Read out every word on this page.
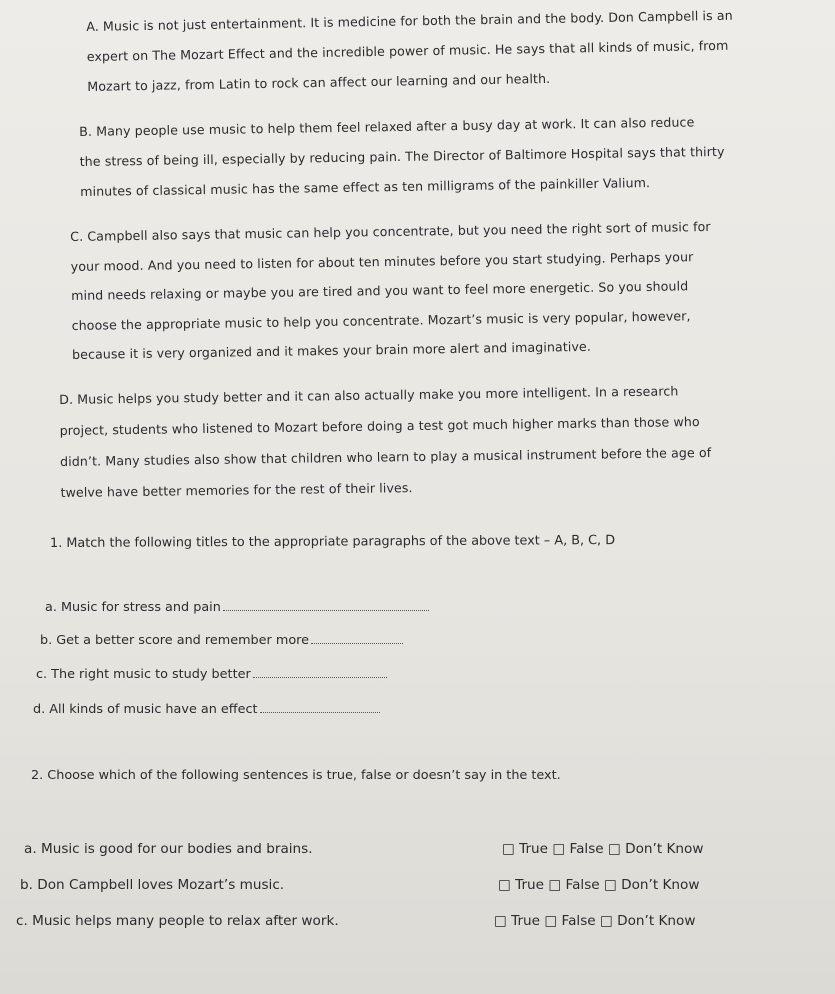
A. Music is not just entertainment. It is medicine for both the brain and the body. Don Campbell is an

expert on The Mozart Effect and the incredible power of music. He says that all kinds of music, from

Mozart to jazz, from Latin to rock can affect our learning and our health.

B. Many people use music to help them feel relaxed after a busy day at work. It can also reduce

the stress of being ill, especially by reducing pain. The Director of Baltimore Hospital says that thirty

minutes of classical music has the same effect as ten milligrams of the painkiller Valium.

C. Campbell also says that music can help you concentrate, but you need the right sort of music for

your mood. And you need to listen for about ten minutes before you start studying. Perhaps your

mind needs relaxing or maybe you are tired and you want to feel more energetic. So you should

choose the appropriate music to help you concentrate. Mozart’s music is very popular, however,

because it is very organized and it makes your brain more alert and imaginative.

D. Music helps you study better and it can also actually make you more intelligent. In a research

project, students who listened to Mozart before doing a test got much higher marks than those who

didn’t. Many studies also show that children who learn to play a musical instrument before the age of

twelve have better memories for the rest of their lives.

1. Match the following titles to the appropriate paragraphs of the above text – A, B, C, D
a. Music for stress and pain
b. Get a better score and remember more
c. The right music to study better
d. All kinds of music have an effect
2. Choose which of the following sentences is true, false or doesn’t say in the text.
a. Music is good for our bodies and brains.	□ True □ False □ Don’t Know
b. Don Campbell loves Mozart’s music.	□ True □ False □ Don’t Know
c. Music helps many people to relax after work.	□ True □ False □ Don’t Know
